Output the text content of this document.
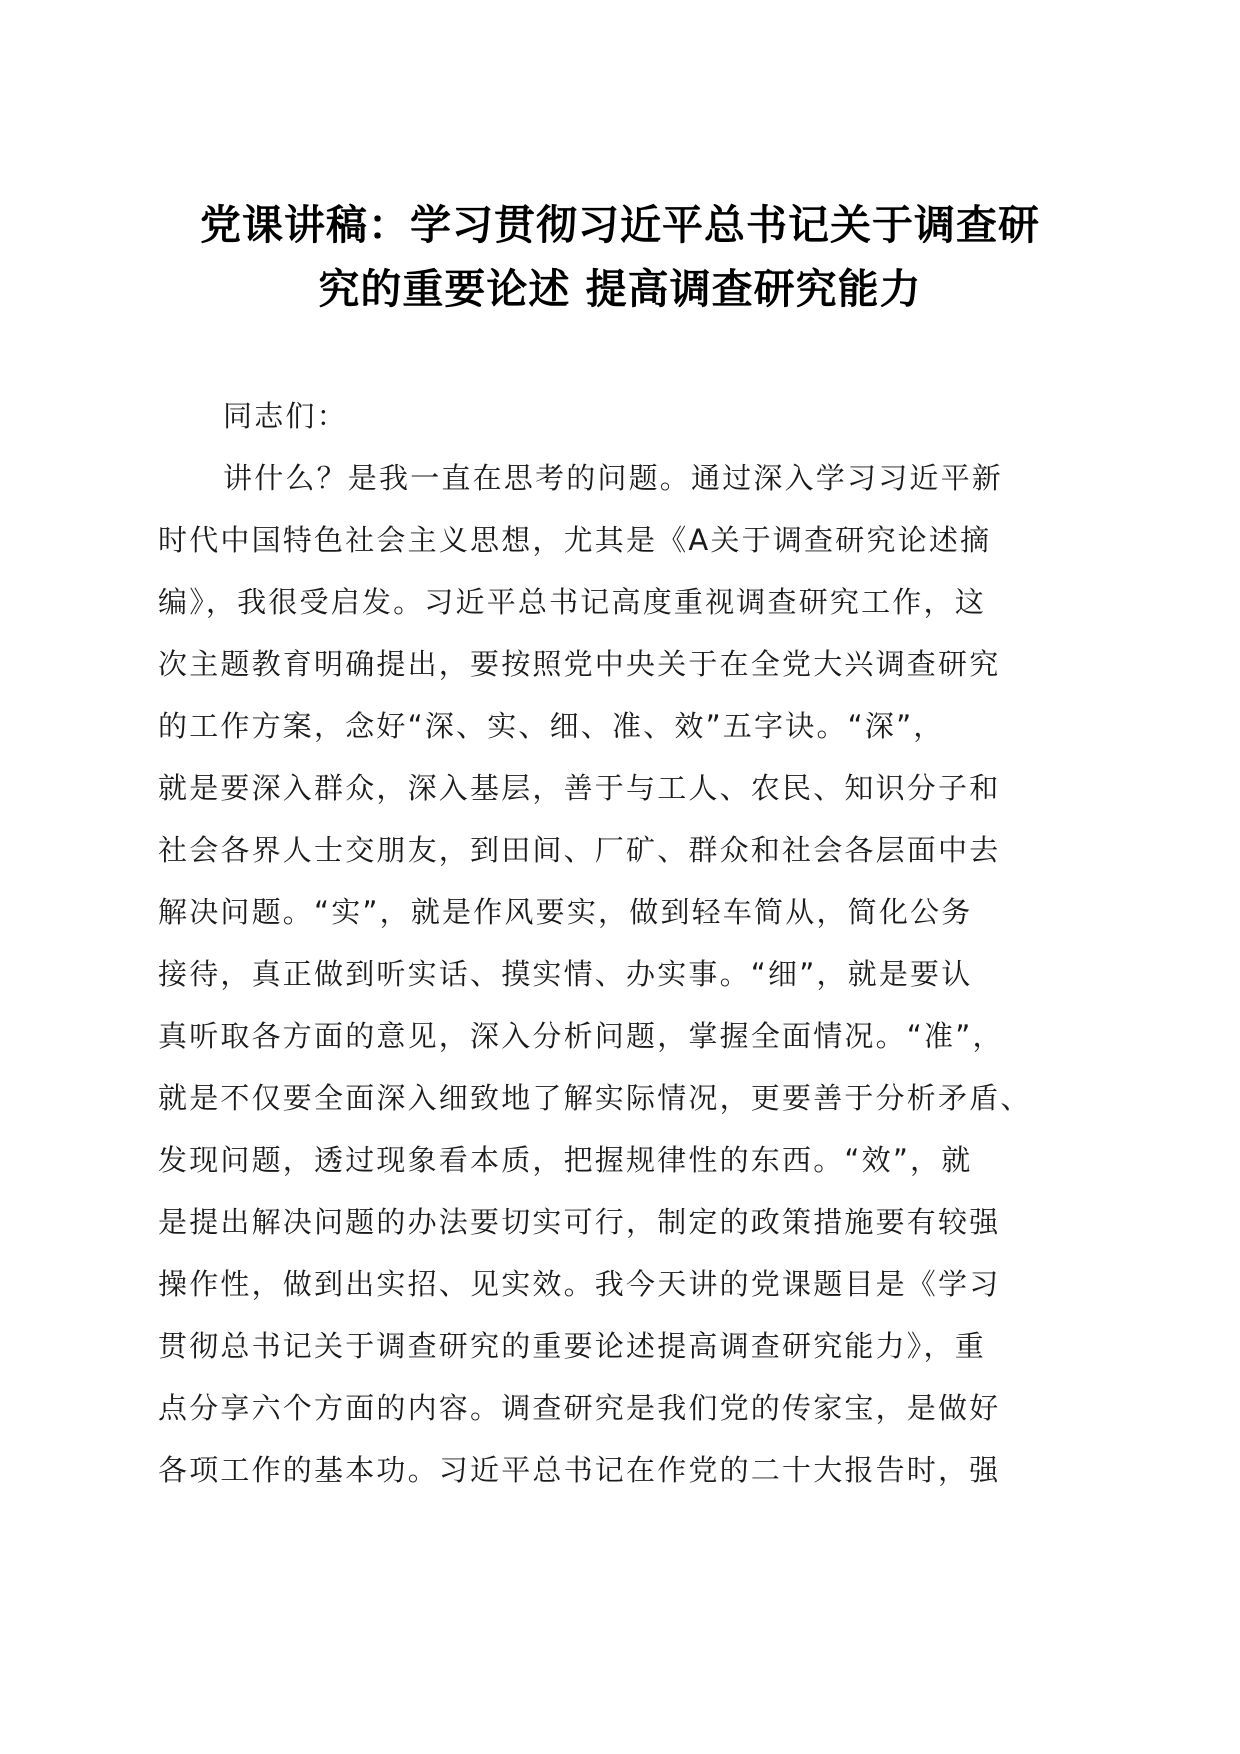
党课讲稿：学习贯彻习近平总书记关于调查研
究的重要论述 提高调查研究能力
同志们：
讲什么？是我一直在思考的问题。通过深入学习习近平新
时代中国特色社会主义思想，尤其是《A关于调查研究论述摘
编》，我很受启发。习近平总书记高度重视调查研究工作，这
次主题教育明确提出，要按照党中央关于在全党大兴调查研究
的工作方案，念好“深、实、细、准、效”五字诀。“深”，
就是要深入群众，深入基层，善于与工人、农民、知识分子和
社会各界人士交朋友，到田间、厂矿、群众和社会各层面中去
解决问题。“实”，就是作风要实，做到轻车简从，简化公务
接待，真正做到听实话、摸实情、办实事。“细”，就是要认
真听取各方面的意见，深入分析问题，掌握全面情况。“准”，
就是不仅要全面深入细致地了解实际情况，更要善于分析矛盾、
发现问题，透过现象看本质，把握规律性的东西。“效”，就
是提出解决问题的办法要切实可行，制定的政策措施要有较强
操作性，做到出实招、见实效。我今天讲的党课题目是《学习
贯彻总书记关于调查研究的重要论述提高调查研究能力》，重
点分享六个方面的内容。调查研究是我们党的传家宝，是做好
各项工作的基本功。习近平总书记在作党的二十大报告时，强
